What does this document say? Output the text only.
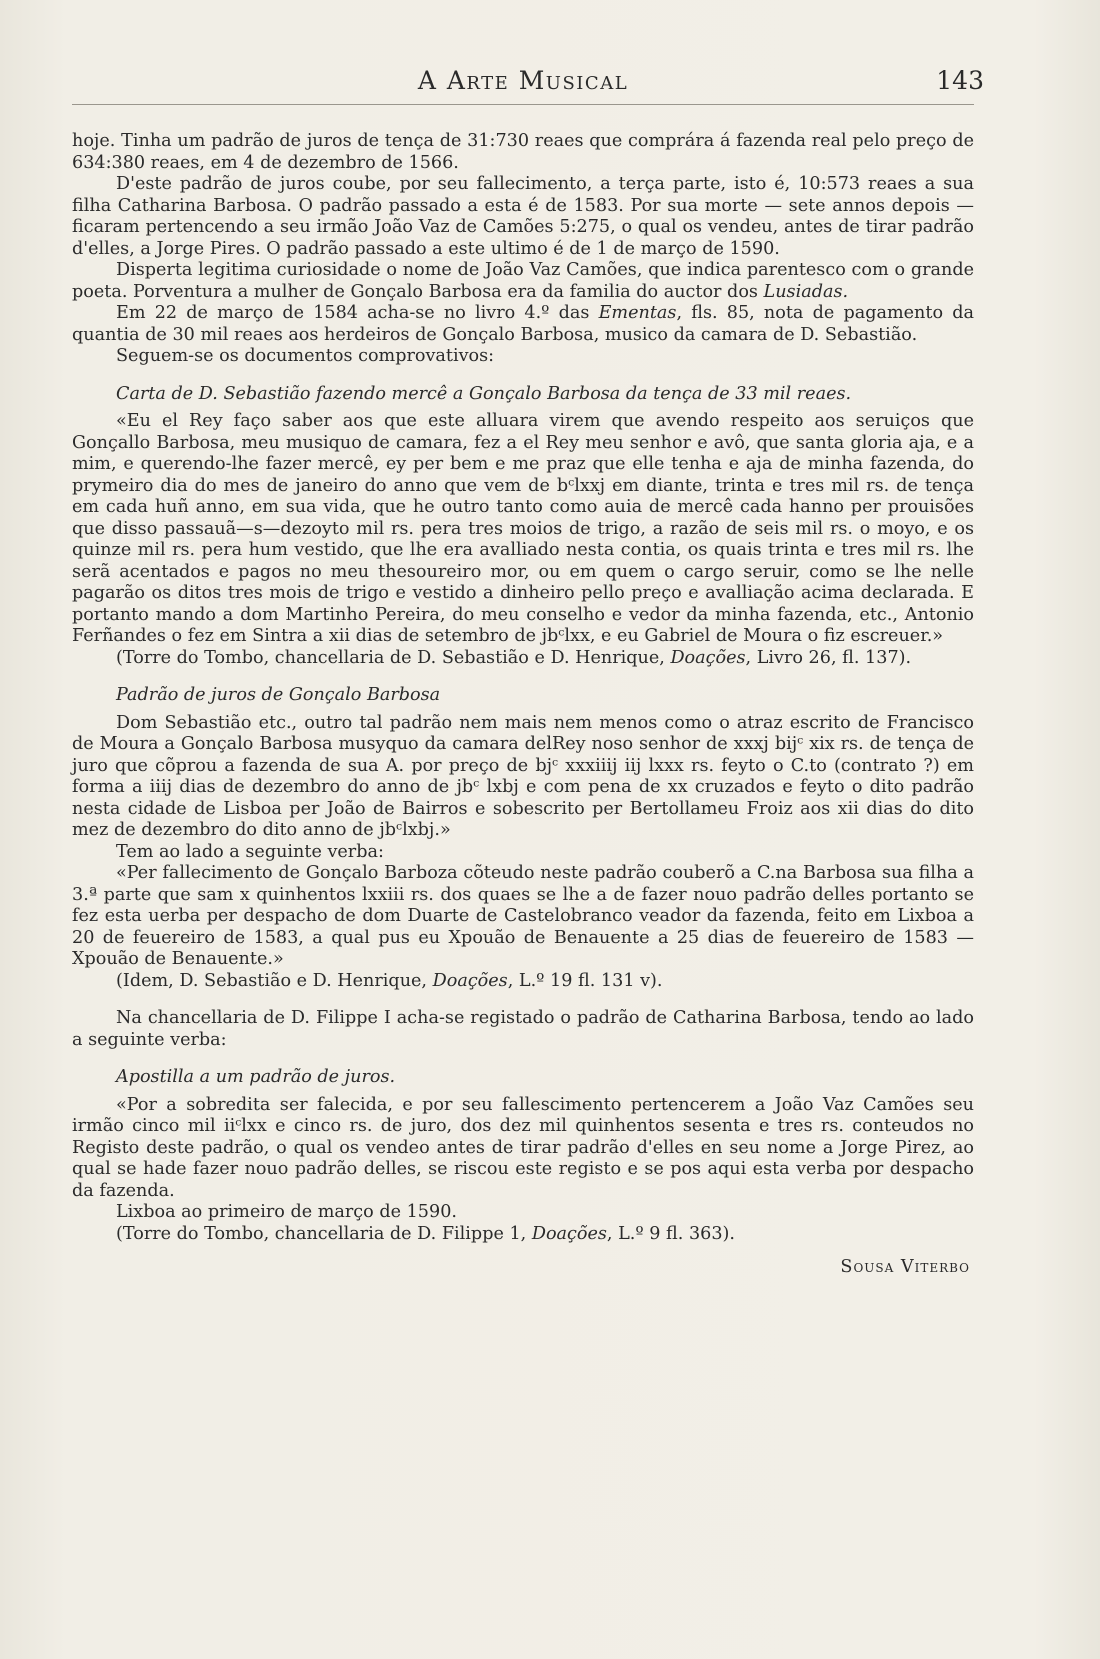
A Arte Musical	143

hoje. Tinha um padrão de juros de tença de 31:730 reaes que comprára á fazenda real pelo preço de 634:380 reaes, em 4 de dezembro de 1566.

D'este padrão de juros coube, por seu fallecimento, a terça parte, isto é, 10:573 reaes a sua filha Catharina Barbosa. O padrão passado a esta é de 1583. Por sua morte — sete annos depois — ficaram pertencendo a seu irmão João Vaz de Camões 5:275, o qual os vendeu, antes de tirar padrão d'elles, a Jorge Pires. O padrão passado a este ultimo é de 1 de março de 1590.

Disperta legitima curiosidade o nome de João Vaz Camões, que indica parentesco com o grande poeta. Porventura a mulher de Gonçalo Barbosa era da familia do auctor dos Lusiadas.

Em 22 de março de 1584 acha-se no livro 4.º das Ementas, fls. 85, nota de pagamento da quantia de 30 mil reaes aos herdeiros de Gonçalo Barbosa, musico da camara de D. Sebastião.

Seguem-se os documentos comprovativos:

Carta de D. Sebastião fazendo mercê a Gonçalo Barbosa da tença de 33 mil reaes.

«Eu el Rey faço saber aos que este alluara virem que avendo respeito aos seruiços que Gonçallo Barbosa, meu musiquo de camara, fez a el Rey meu senhor e avô, que santa gloria aja, e a mim, e querendo-lhe fazer mercê, ey per bem e me praz que elle tenha e aja de minha fazenda, do prymeiro dia do mes de janeiro do anno que vem de bᶜlxxj em diante, trinta e tres mil rs. de tença em cada huñ anno, em sua vida, que he outro tanto como auia de mercê cada hanno per prouisões que disso passauã—s—dezoyto mil rs. pera tres moios de trigo, a razão de seis mil rs. o moyo, e os quinze mil rs. pera hum vestido, que lhe era avalliado nesta contia, os quais trinta e tres mil rs. lhe serã acentados e pagos no meu thesoureiro mor, ou em quem o cargo seruir, como se lhe nelle pagarão os ditos tres mois de trigo e vestido a dinheiro pello preço e avalliação acima declarada. E portanto mando a dom Martinho Pereira, do meu conselho e vedor da minha fazenda, etc., Antonio Ferñandes o fez em Sintra a xii dias de setembro de jbᶜlxx, e eu Gabriel de Moura o fiz escreuer.»

(Torre do Tombo, chancellaria de D. Sebastião e D. Henrique, Doações, Livro 26, fl. 137).

Padrão de juros de Gonçalo Barbosa

Dom Sebastião etc., outro tal padrão nem mais nem menos como o atraz escrito de Francisco de Moura a Gonçalo Barbosa musyquo da camara delRey noso senhor de xxxj bijᶜ xix rs. de tença de juro que cõprou a fazenda de sua A. por preço de bjᶜ xxxiiij iij lxxx rs. feyto o C.to (contrato ?) em forma a iiij dias de dezembro do anno de jbᶜ lxbj e com pena de xx cruzados e feyto o dito padrão nesta cidade de Lisboa per João de Bairros e sobescrito per Bertollameu Froiz aos xii dias do dito mez de dezembro do dito anno de jbᶜlxbj.»

Tem ao lado a seguinte verba:

«Per fallecimento de Gonçalo Barboza cõteudo neste padrão couberõ a C.na Barbosa sua filha a 3.ª parte que sam x quinhentos lxxiii rs. dos quaes se lhe a de fazer nouo padrão delles portanto se fez esta uerba per despacho de dom Duarte de Castelobranco veador da fazenda, feito em Lixboa a 20 de feuereiro de 1583, a qual pus eu Xpouão de Benauente a 25 dias de feuereiro de 1583 — Xpouão de Benauente.»

(Idem, D. Sebastião e D. Henrique, Doações, L.º 19 fl. 131 v).

Na chancellaria de D. Filippe I acha-se registado o padrão de Catharina Barbosa, tendo ao lado a seguinte verba:

Apostilla a um padrão de juros.

«Por a sobredita ser falecida, e por seu fallescimento pertencerem a João Vaz Camões seu irmão cinco mil iiᶜlxx e cinco rs. de juro, dos dez mil quinhentos sesenta e tres rs. conteudos no Registo deste padrão, o qual os vendeo antes de tirar padrão d'elles en seu nome a Jorge Pirez, ao qual se hade fazer nouo padrão delles, se riscou este registo e se pos aqui esta verba por despacho da fazenda.

Lixboa ao primeiro de março de 1590.

(Torre do Tombo, chancellaria de D. Filippe 1, Doações, L.º 9 fl. 363).

Sousa Viterbo
